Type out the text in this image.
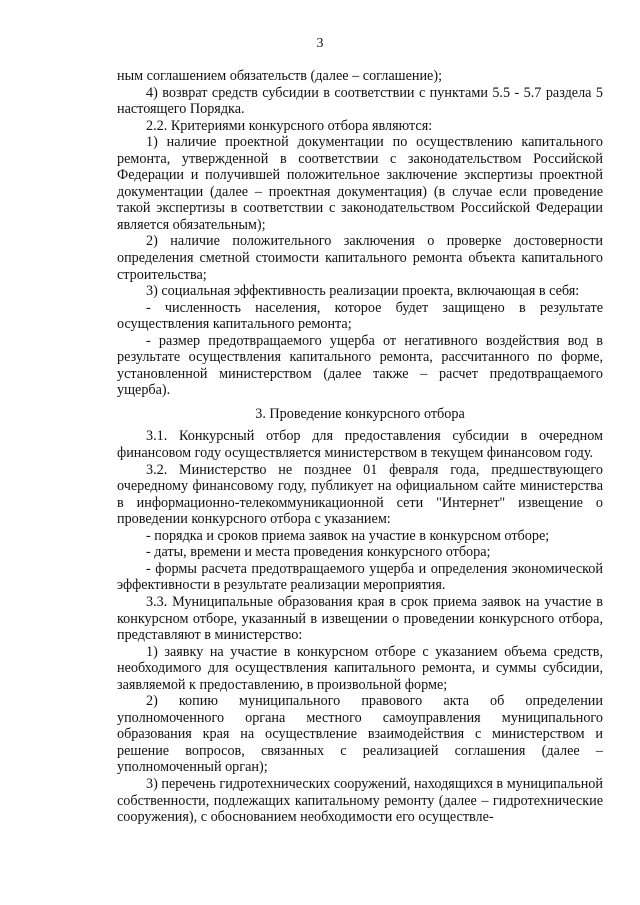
3

ным соглашением обязательств (далее – соглашение);

4) возврат средств субсидии в соответствии с пунктами 5.5 - 5.7 раздела 5 настоящего Порядка.

2.2. Критериями конкурсного отбора являются:

1) наличие проектной документации по осуществлению капитального ремонта, утвержденной в соответствии с законодательством Российской Федерации и получившей положительное заключение экспертизы проектной документации (далее – проектная документация) (в случае если проведение такой экспертизы в соответствии с законодательством Российской Федерации является обязательным);

2) наличие положительного заключения о проверке достоверности определения сметной стоимости капитального ремонта объекта капитального строительства;

3) социальная эффективность реализации проекта, включающая в себя:

- численность населения, которое будет защищено в результате осуществления капитального ремонта;

- размер предотвращаемого ущерба от негативного воздействия вод в результате осуществления капитального ремонта, рассчитанного по форме, установленной министерством (далее также – расчет предотвращаемого ущерба).

3. Проведение конкурсного отбора

3.1. Конкурсный отбор для предоставления субсидии в очередном финансовом году осуществляется министерством в текущем финансовом году.

3.2. Министерство не позднее 01 февраля года, предшествующего очередному финансовому году, публикует на официальном сайте министерства в информационно-телекоммуникационной сети "Интернет" извещение о проведении конкурсного отбора с указанием:

- порядка и сроков приема заявок на участие в конкурсном отборе;

- даты, времени и места проведения конкурсного отбора;

- формы расчета предотвращаемого ущерба и определения экономической эффективности в результате реализации мероприятия.

3.3. Муниципальные образования края в срок приема заявок на участие в конкурсном отборе, указанный в извещении о проведении конкурсного отбора, представляют в министерство:

1) заявку на участие в конкурсном отборе с указанием объема средств, необходимого для осуществления капитального ремонта, и суммы субсидии, заявляемой к предоставлению, в произвольной форме;

2) копию муниципального правового акта об определении уполномоченного органа местного самоуправления муниципального образования края на осуществление взаимодействия с министерством и решение вопросов, связанных с реализацией соглашения (далее – уполномоченный орган);

3) перечень гидротехнических сооружений, находящихся в муниципальной собственности, подлежащих капитальному ремонту (далее – гидротехнические сооружения), с обоснованием необходимости его осуществле-
